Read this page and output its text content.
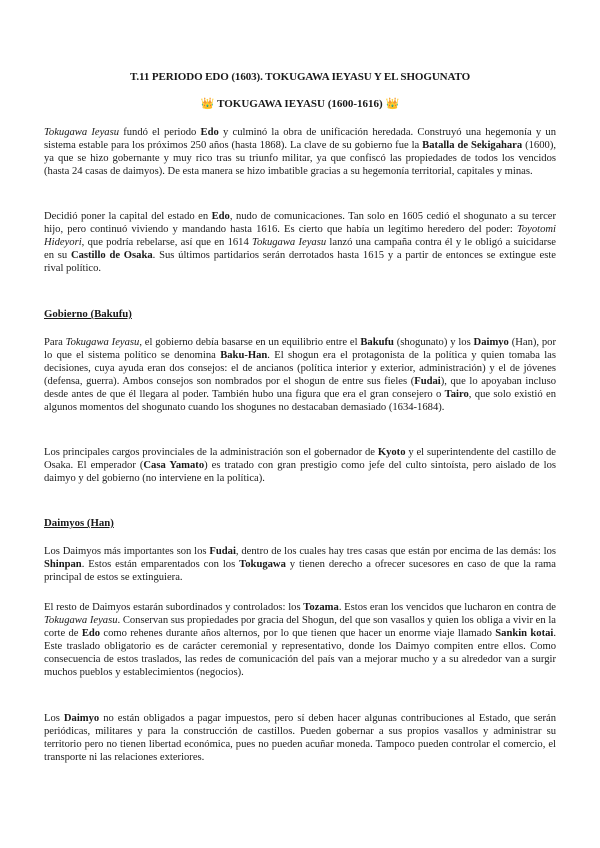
T.11 PERIODO EDO (1603). TOKUGAWA IEYASU Y EL SHOGUNATO
👑 TOKUGAWA IEYASU (1600-1616) 👑

Tokugawa Ieyasu fundó el periodo Edo y culminó la obra de unificación heredada. Construyó una hegemonía y un sistema estable para los próximos 250 años (hasta 1868). La clave de su gobierno fue la Batalla de Sekigahara (1600), ya que se hizo gobernante y muy rico tras su triunfo militar, ya que confiscó las propiedades de todos los vencidos (hasta 24 casas de daimyos). De esta manera se hizo imbatible gracias a su hegemonía territorial, capitales y minas.

Decidió poner la capital del estado en Edo, nudo de comunicaciones. Tan solo en 1605 cedió el shogunato a su tercer hijo, pero continuó viviendo y mandando hasta 1616. Es cierto que había un legítimo heredero del poder: Toyotomi Hideyori, que podría rebelarse, así que en 1614 Tokugawa Ieyasu lanzó una campaña contra él y le obligó a suicidarse en su Castillo de Osaka. Sus últimos partidarios serán derrotados hasta 1615 y a partir de entonces se extingue este rival político.

Gobierno (Bakufu)

Para Tokugawa Ieyasu, el gobierno debía basarse en un equilibrio entre el Bakufu (shogunato) y los Daimyo (Han), por lo que el sistema político se denomina Baku-Han. El shogun era el protagonista de la política y quien tomaba las decisiones, cuya ayuda eran dos consejos: el de ancianos (política interior y exterior, administración) y el de jóvenes (defensa, guerra). Ambos consejos son nombrados por el shogun de entre sus fieles (Fudai), que lo apoyaban incluso desde antes de que él llegara al poder. También hubo una figura que era el gran consejero o Tairo, que solo existió en algunos momentos del shogunato cuando los shogunes no destacaban demasiado (1634-1684).

Los principales cargos provinciales de la administración son el gobernador de Kyoto y el superintendente del castillo de Osaka. El emperador (Casa Yamato) es tratado con gran prestigio como jefe del culto sintoísta, pero aislado de los daimyo y del gobierno (no interviene en la política).

Daimyos (Han)

Los Daimyos más importantes son los Fudai, dentro de los cuales hay tres casas que están por encima de las demás: los Shinpan. Estos están emparentados con los Tokugawa y tienen derecho a ofrecer sucesores en caso de que la rama principal de estos se extinguiera.

El resto de Daimyos estarán subordinados y controlados: los Tozama. Estos eran los vencidos que lucharon en contra de Tokugawa Ieyasu. Conservan sus propiedades por gracia del Shogun, del que son vasallos y quien los obliga a vivir en la corte de Edo como rehenes durante años alternos, por lo que tienen que hacer un enorme viaje llamado Sankin kotai. Este traslado obligatorio es de carácter ceremonial y representativo, donde los Daimyo compiten entre ellos. Como consecuencia de estos traslados, las redes de comunicación del país van a mejorar mucho y a su alrededor van a surgir muchos pueblos y establecimientos (negocios).

Los Daimyo no están obligados a pagar impuestos, pero sí deben hacer algunas contribuciones al Estado, que serán periódicas, militares y para la construcción de castillos. Pueden gobernar a sus propios vasallos y administrar su territorio pero no tienen libertad económica, pues no pueden acuñar moneda. Tampoco pueden controlar el comercio, el transporte ni las relaciones exteriores.
